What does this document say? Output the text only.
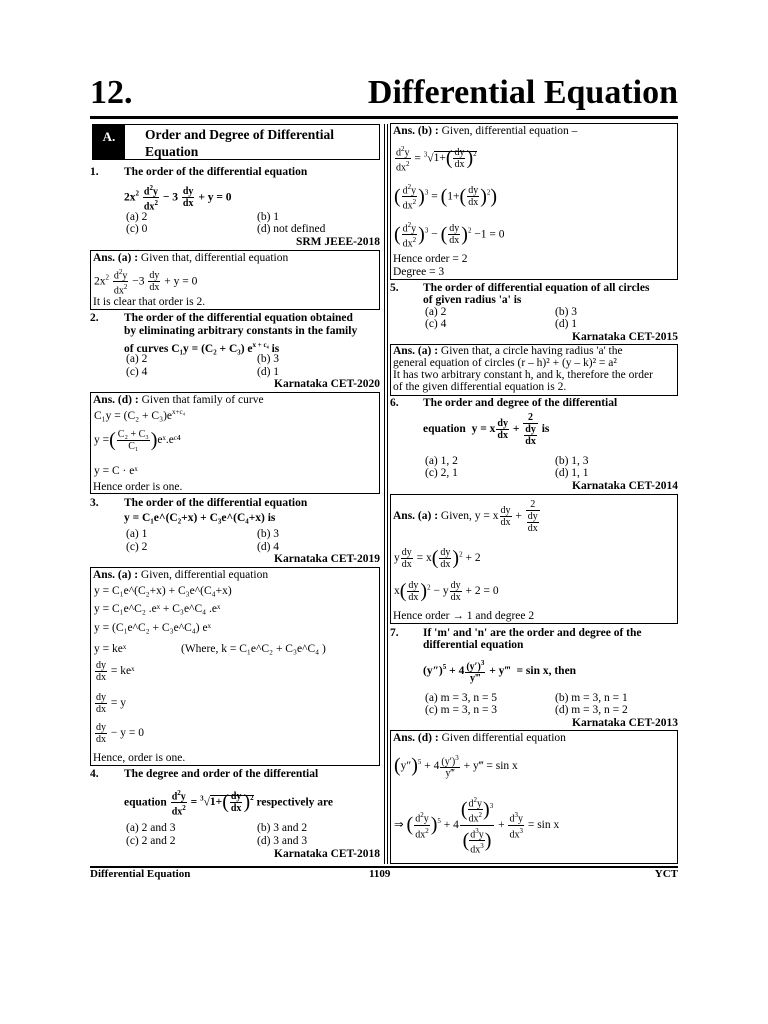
12.	Differential Equation
A.	Order and Degree of Differential
Equation
1. The order of the differential equation
$2x^2 \frac{d^2y}{dx^2} - 3 \frac{dy}{dx} + y = 0$
(a) 2	(b) 1
(c) 0	(d) not defined
SRM JEEE-2018
Ans. (a) : Given that, differential equation
$2x^2 \frac{d^2y}{dx^2} -3 \frac{dy}{dx} + y = 0$
It is clear that order is 2.
2. The order of the differential equation obtained
by eliminating arbitrary constants in the family
of curves C₁y = (C₂ + C₃) $e^{x + c_4}$ is
(a) 2	(b) 3
(c) 4	(d) 1
Karnataka CET-2020
Ans. (d) : Given that family of curve
$C_1y = (C_2 + C_3)e^{x+c_4}$
y =( $\frac{\text{C₂ + C₃}}{\text{C₁}}$ )eˣ.eᶜ⁴
y = C · eˣ
Hence order is one.
3. The order of the differential equation
y = C₁e^(C₂+x) + C₃e^(C₄+x) is
(a) 1	(b) 3
(c) 2	(d) 4
Karnataka CET-2019
Ans. (a) : Given, differential equation
y = C₁e^(C₂+x) + C₃e^(C₄+x)
y = C₁e^C₂ .eˣ + C₃e^C₄ .eˣ
y = (C₁e^C₂ + C₃e^C₄) eˣ
y = keˣ	(Where, k = C₁e^C₂ + C₃e^C₄ )
$\frac{dy}{dx}$ = keˣ
$\frac{dy}{dx} = y$
$\frac{dy}{dx} - y = 0$
Hence, order is one.
4. The degree and order of the differential
equation $\frac{d^2y}{dx^2} = ^3√1+( \frac{dy}{dx} )^2$ respectively are
(a) 2 and 3	(b) 3 and 2
(c) 2 and 2	(d) 3 and 3
Karnataka CET-2018
Ans. (b) : Given, differential equation –
$\frac{d^2y}{dx^2} = ^3√1+( \frac{dy}{dx} )^2$
( $\frac{d^2y}{dx^2} )^3 = (1+( \frac{dy}{dx} )^2)$
( $\frac{d^2y}{dx^2} )^3$ − ( $\frac{dy}{dx} )^2 -1 = 0$
Hence order = 2
Degree = 3
5. The order of differential equation of all circles
of given radius 'a' is
(a) 2	(b) 3
(c) 4	(d) 1
Karnataka CET-2015
Ans. (a) : Given that, a circle having radius 'a' the
general equation of circles (r – h)² + (y – k)² = a²
It has two arbitrary constant h, and k, therefore the order
of the given differential equation is 2.
6. The order and degree of the differential
equation  y = x $\frac{dy}{dx} + \frac{2}{\frac{dy}{dx}}$ is
(a) 1, 2	(b) 1, 3
(c) 2, 1	(d) 1, 1
Karnataka CET-2014
Ans. (a) : Given, y = x $\frac{dy}{dx} + \frac{2}{\frac{dy}{dx}}$
y $\frac{dy}{dx} = x( \frac{dy}{dx} )^2 + 2$
$x( \frac{dy}{dx} )^2 - y \frac{dy}{dx} + 2 = 0$
Hence order → 1 and degree 2
7. If 'm' and 'n' are the order and degree of the
differential equation
$(y'')^5 + 4 \frac{(y')^3}{y‴}$ + y‴  = sin x, then
(a) m = 3, n = 5	(b) m = 3, n = 1
(c) m = 3, n = 3	(d) m = 3, n = 2
Karnataka CET-2013
Ans. (d) : Given differential equation
$(y'')^5 + 4 \frac{(y')^3}{y‴}$ + y‴ = sin x
⇒ ( $\frac{d^2y}{dx^2} )^5 + 4 \frac{( \frac{d^2y}{dx^2} )^3}{( \frac{d^3y}{dx^3} )} + \frac{d^3y}{dx^3} = \sin x$
Differential Equation	1109	YCT
